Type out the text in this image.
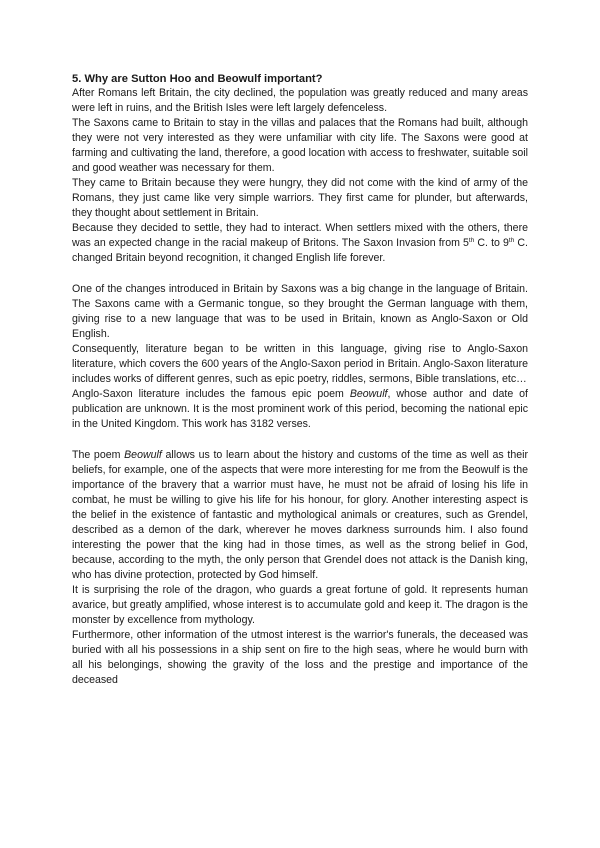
5. Why are Sutton Hoo and Beowulf important?

After Romans left Britain, the city declined, the population was greatly reduced and many areas were left in ruins, and the British Isles were left largely defenceless.

The Saxons came to Britain to stay in the villas and palaces that the Romans had built, although they were not very interested as they were unfamiliar with city life. The Saxons were good at farming and cultivating the land, therefore, a good location with access to freshwater, suitable soil and good weather was necessary for them.

They came to Britain because they were hungry, they did not come with the kind of army of the Romans, they just came like very simple warriors. They first came for plunder, but afterwards, they thought about settlement in Britain.

Because they decided to settle, they had to interact. When settlers mixed with the others, there was an expected change in the racial makeup of Britons. The Saxon Invasion from 5th C. to 9th C. changed Britain beyond recognition, it changed English life forever.

One of the changes introduced in Britain by Saxons was a big change in the language of Britain. The Saxons came with a Germanic tongue, so they brought the German language with them, giving rise to a new language that was to be used in Britain, known as Anglo-Saxon or Old English.

Consequently, literature began to be written in this language, giving rise to Anglo-Saxon literature, which covers the 600 years of the Anglo-Saxon period in Britain. Anglo-Saxon literature includes works of different genres, such as epic poetry, riddles, sermons, Bible translations, etc…

Anglo-Saxon literature includes the famous epic poem Beowulf, whose author and date of publication are unknown. It is the most prominent work of this period, becoming the national epic in the United Kingdom. This work has 3182 verses.

The poem Beowulf allows us to learn about the history and customs of the time as well as their beliefs, for example, one of the aspects that were more interesting for me from the Beowulf is the importance of the bravery that a warrior must have, he must not be afraid of losing his life in combat, he must be willing to give his life for his honour, for glory. Another interesting aspect is the belief in the existence of fantastic and mythological animals or creatures, such as Grendel, described as a demon of the dark, wherever he moves darkness surrounds him. I also found interesting the power that the king had in those times, as well as the strong belief in God, because, according to the myth, the only person that Grendel does not attack is the Danish king, who has divine protection, protected by God himself.

It is surprising the role of the dragon, who guards a great fortune of gold. It represents human avarice, but greatly amplified, whose interest is to accumulate gold and keep it. The dragon is the monster by excellence from mythology.

Furthermore, other information of the utmost interest is the warrior's funerals, the deceased was buried with all his possessions in a ship sent on fire to the high seas, where he would burn with all his belongings, showing the gravity of the loss and the prestige and importance of the deceased
